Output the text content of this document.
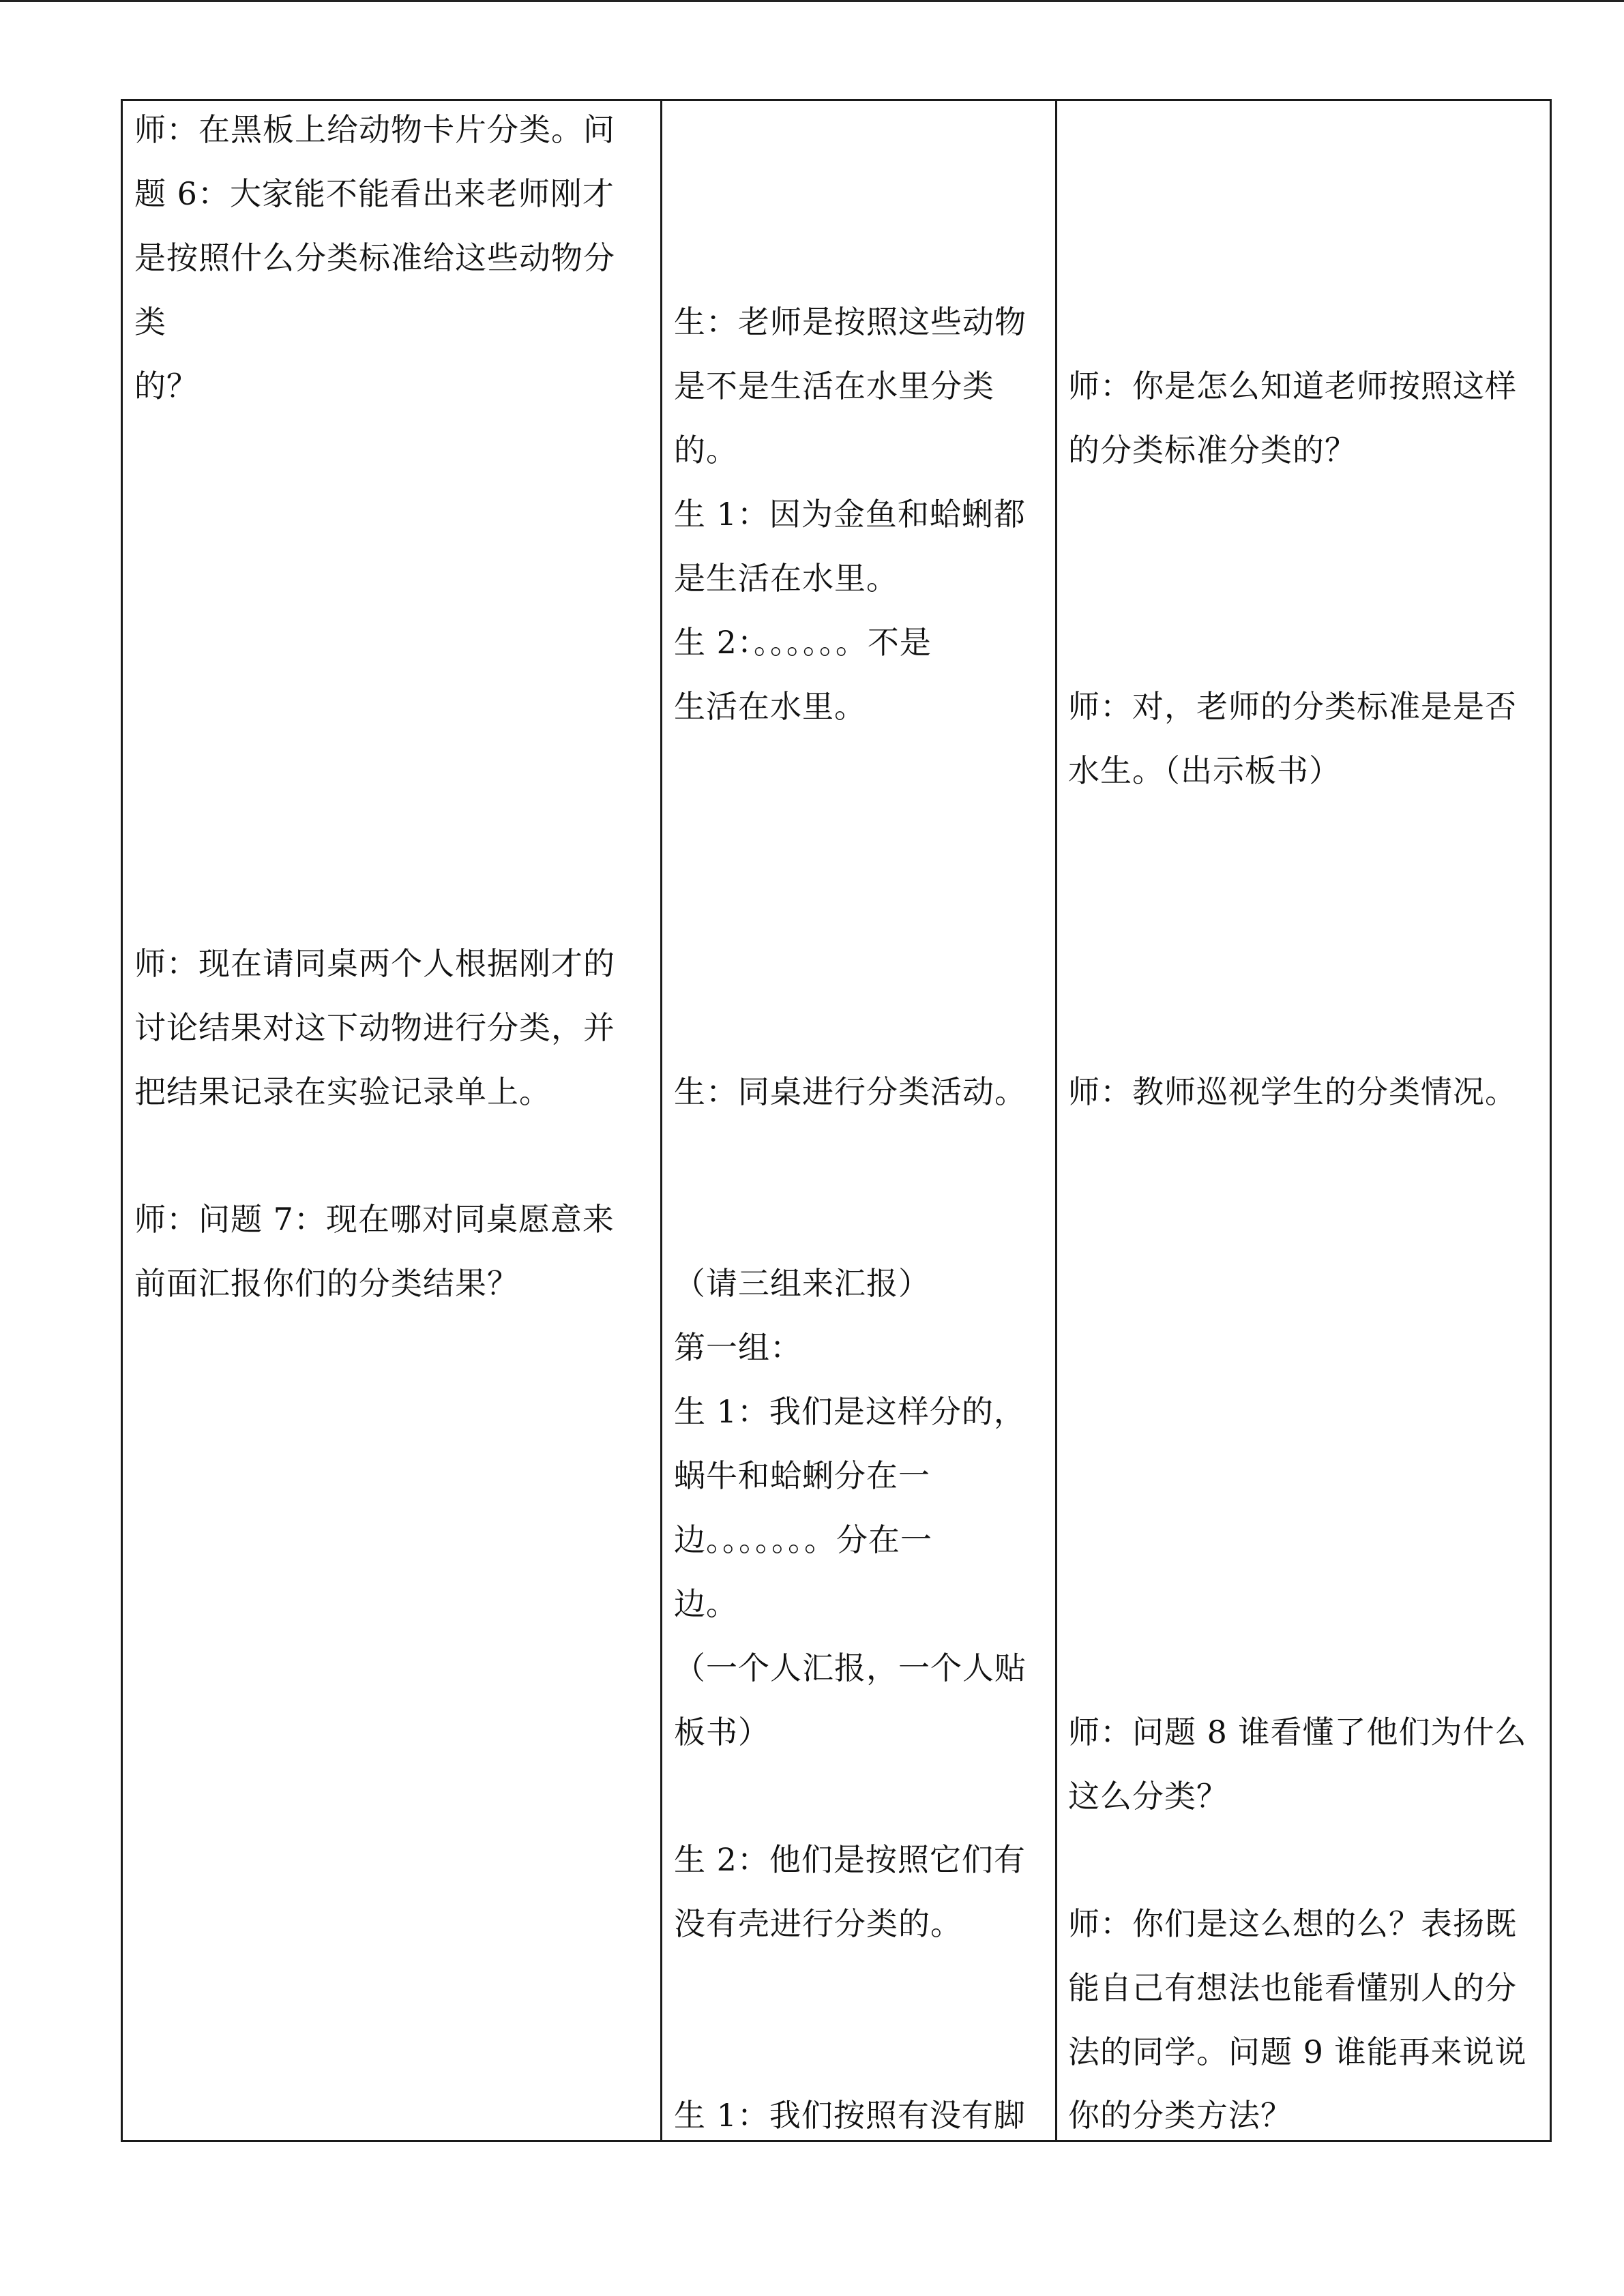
师：在黑板上给动物卡片分类。问
题 6：大家能不能看出来老师刚才
是按照什么分类标准给这些动物分
类
的？
师：现在请同桌两个人根据刚才的
讨论结果对这下动物进行分类，并
把结果记录在实验记录单上。
师：问题 7：现在哪对同桌愿意来
前面汇报你们的分类结果？
生：老师是按照这些动物
是不是生活在水里分类
的。
生 1：因为金鱼和蛤蜊都
是生活在水里。
生 2：。。。。。。不是
生活在水里。
生：同桌进行分类活动。
（请三组来汇报）
第一组：
生 1：我们是这样分的，
蜗牛和蛤蜊分在一
边。。。。。。。分在一
边。
（一个人汇报，一个人贴
板书）
生 2：他们是按照它们有
没有壳进行分类的。
生 1：我们按照有没有脚
师：你是怎么知道老师按照这样
的分类标准分类的？
师：对，老师的分类标准是是否
水生。（出示板书）
师：教师巡视学生的分类情况。
师：问题 8 谁看懂了他们为什么
这么分类？
师：你们是这么想的么？表扬既
能自己有想法也能看懂别人的分
法的同学。问题 9 谁能再来说说
你的分类方法？
